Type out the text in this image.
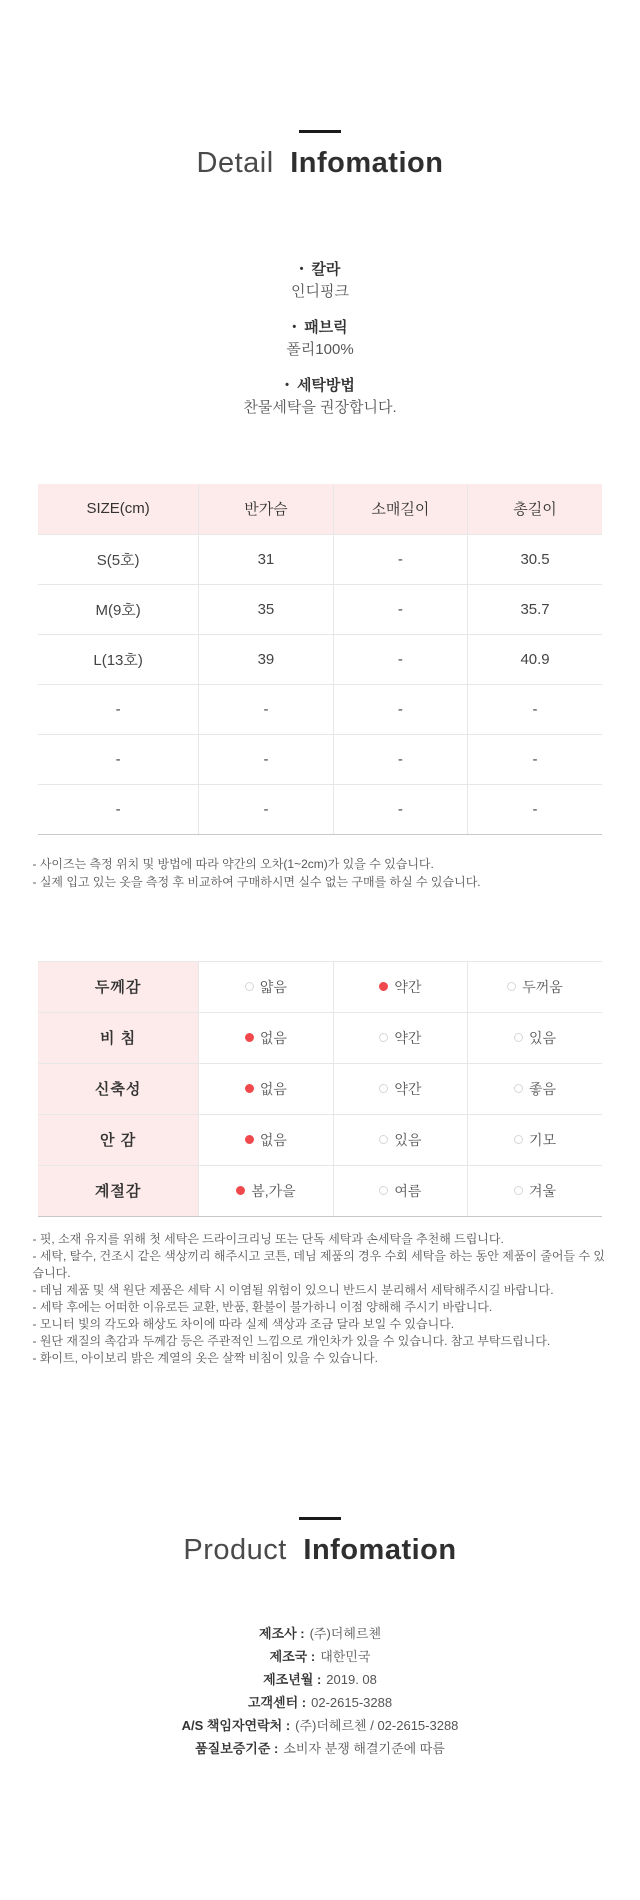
Detail Infomation
• 칼라
인디핑크
• 패브릭
폴리100%
• 세탁방법
찬물세탁을 권장합니다.
SIZE(cm)	반가슴	소매길이	총길이
S(5호)	31	-	30.5
M(9호)	35	-	35.7
L(13호)	39	-	40.9
-	-	-	-
-	-	-	-
-	-	-	-

- 사이즈는 측정 위치 및 방법에 따라 약간의 오차(1~2cm)가 있을 수 있습니다.

- 실제 입고 있는 옷을 측정 후 비교하여 구매하시면 실수 없는 구매를 하실 수 있습니다.

두께감	얇음	약간	두꺼움

비 침	없음	약간	있음

신축성	없음	약간	좋음

안 감	없음	있음	기모

계절감	봄,가을	여름	겨울

- 핏, 소재 유지를 위해 첫 세탁은 드라이크리닝 또는 단독 세탁과 손세탁을 추천해 드립니다.

- 세탁, 탈수, 건조시 같은 색상끼리 해주시고 코튼, 데님 제품의 경우 수회 세탁을 하는 동안 제품이 줄어들 수 있습니다.

- 데님 제품 및 색 원단 제품은 세탁 시 이염될 위험이 있으니 반드시 분리해서 세탁해주시길 바랍니다.

- 세탁 후에는 어떠한 이유로든 교환, 반품, 환불이 불가하니 이점 양해해 주시기 바랍니다.

- 모니터 빛의 각도와 해상도 차이에 따라 실제 색상과 조금 달라 보일 수 있습니다.

- 원단 재질의 촉감과 두께감 등은 주관적인 느낌으로 개인차가 있을 수 있습니다. 참고 부탁드립니다.

- 화이트, 아이보리 밝은 계열의 옷은 살짝 비침이 있을 수 있습니다.

Product Infomation
제조사 : (주)더헤르첸
제조국 : 대한민국
제조년월 : 2019. 08
고객센터 : 02-2615-3288
A/S 책임자연락처 : (주)더헤르첸 / 02-2615-3288
품질보증기준 : 소비자 분쟁 해결기준에 따름
